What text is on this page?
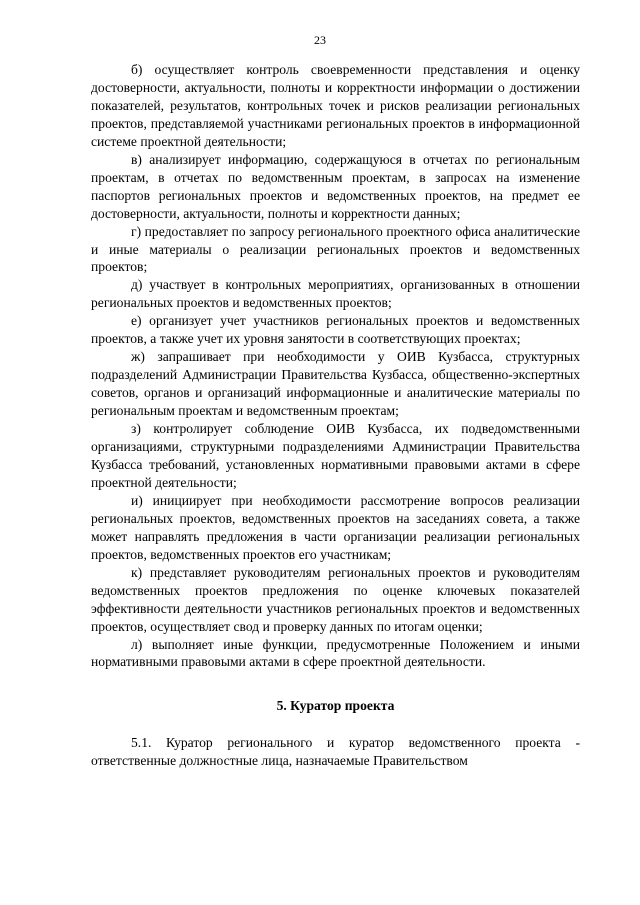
23

б) осуществляет контроль своевременности представления и оценку достоверности, актуальности, полноты и корректности информации о достижении показателей, результатов, контрольных точек и рисков реализации региональных проектов, представляемой участниками региональных проектов в информационной системе проектной деятельности;

в) анализирует информацию, содержащуюся в отчетах по региональным проектам, в отчетах по ведомственным проектам, в запросах на изменение паспортов региональных проектов и ведомственных проектов, на предмет ее достоверности, актуальности, полноты и корректности данных;

г) предоставляет по запросу регионального проектного офиса аналитические и иные материалы о реализации региональных проектов и ведомственных проектов;

д) участвует в контрольных мероприятиях, организованных в отношении региональных проектов и ведомственных проектов;

е) организует учет участников региональных проектов и ведомственных проектов, а также учет их уровня занятости в соответствующих проектах;

ж) запрашивает при необходимости у ОИВ Кузбасса, структурных подразделений Администрации Правительства Кузбасса, общественно-экспертных советов, органов и организаций информационные и аналитические материалы по региональным проектам и ведомственным проектам;

з) контролирует соблюдение ОИВ Кузбасса, их подведомственными организациями, структурными подразделениями Администрации Правительства Кузбасса требований, установленных нормативными правовыми актами в сфере проектной деятельности;

и) инициирует при необходимости рассмотрение вопросов реализации региональных проектов, ведомственных проектов на заседаниях совета, а также может направлять предложения в части организации реализации региональных проектов, ведомственных проектов его участникам;

к) представляет руководителям региональных проектов и руководителям ведомственных проектов предложения по оценке ключевых показателей эффективности деятельности участников региональных проектов и ведомственных проектов, осуществляет свод и проверку данных по итогам оценки;

л) выполняет иные функции, предусмотренные Положением и иными нормативными правовыми актами в сфере проектной деятельности.

5. Куратор проекта

5.1. Куратор регионального и куратор ведомственного проекта - ответственные должностные лица, назначаемые Правительством
